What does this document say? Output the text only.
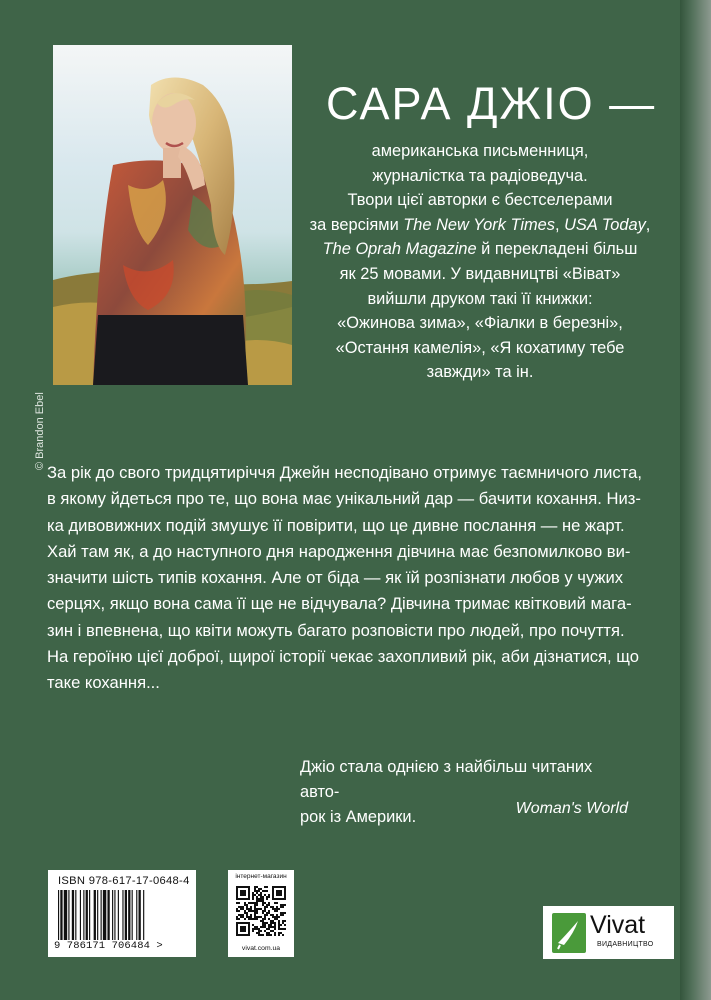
© Brandon Ebel
САРА ДЖІО —
американська письменниця,
журналістка та радіоведуча.
Твори цієї авторки є бестселерами
за версіями The New York Times, USA Today,
The Oprah Magazine й перекладені більш
як 25 мовами. У видавництві «Віват»
вийшли друком такі її книжки:
«Ожинова зима», «Фіалки в березні»,
«Остання камелія», «Я кохатиму тебе
завжди» та ін.
За рік до свого тридцятиріччя Джейн несподівано отримує таємничого листа,
в якому йдеться про те, що вона має унікальний дар — бачити кохання. Низ-
ка дивовижних подій змушує її повірити, що це дивне послання — не жарт.
Хай там як, а до наступного дня народження дівчина має безпомилково ви-
значити шість типів кохання. Але от біда — як їй розпізнати любов у чужих
серцях, якщо вона сама її ще не відчувала? Дівчина тримає квітковий мага-
зин і впевнена, що квіти можуть багато розповісти про людей, про почуття.
На героїню цієї доброї, щирої історії чекає захопливий рік, аби дізнатися, що
таке кохання...
Джіо стала однією з найбільш читаних авто-
рок із Америки.	Woman's World
ISBN 978-617-17-0648-4
9 786171 706484 >
інтернет-магазин
vivat.com.ua
Vivat
ВИДАВНИЦТВО
